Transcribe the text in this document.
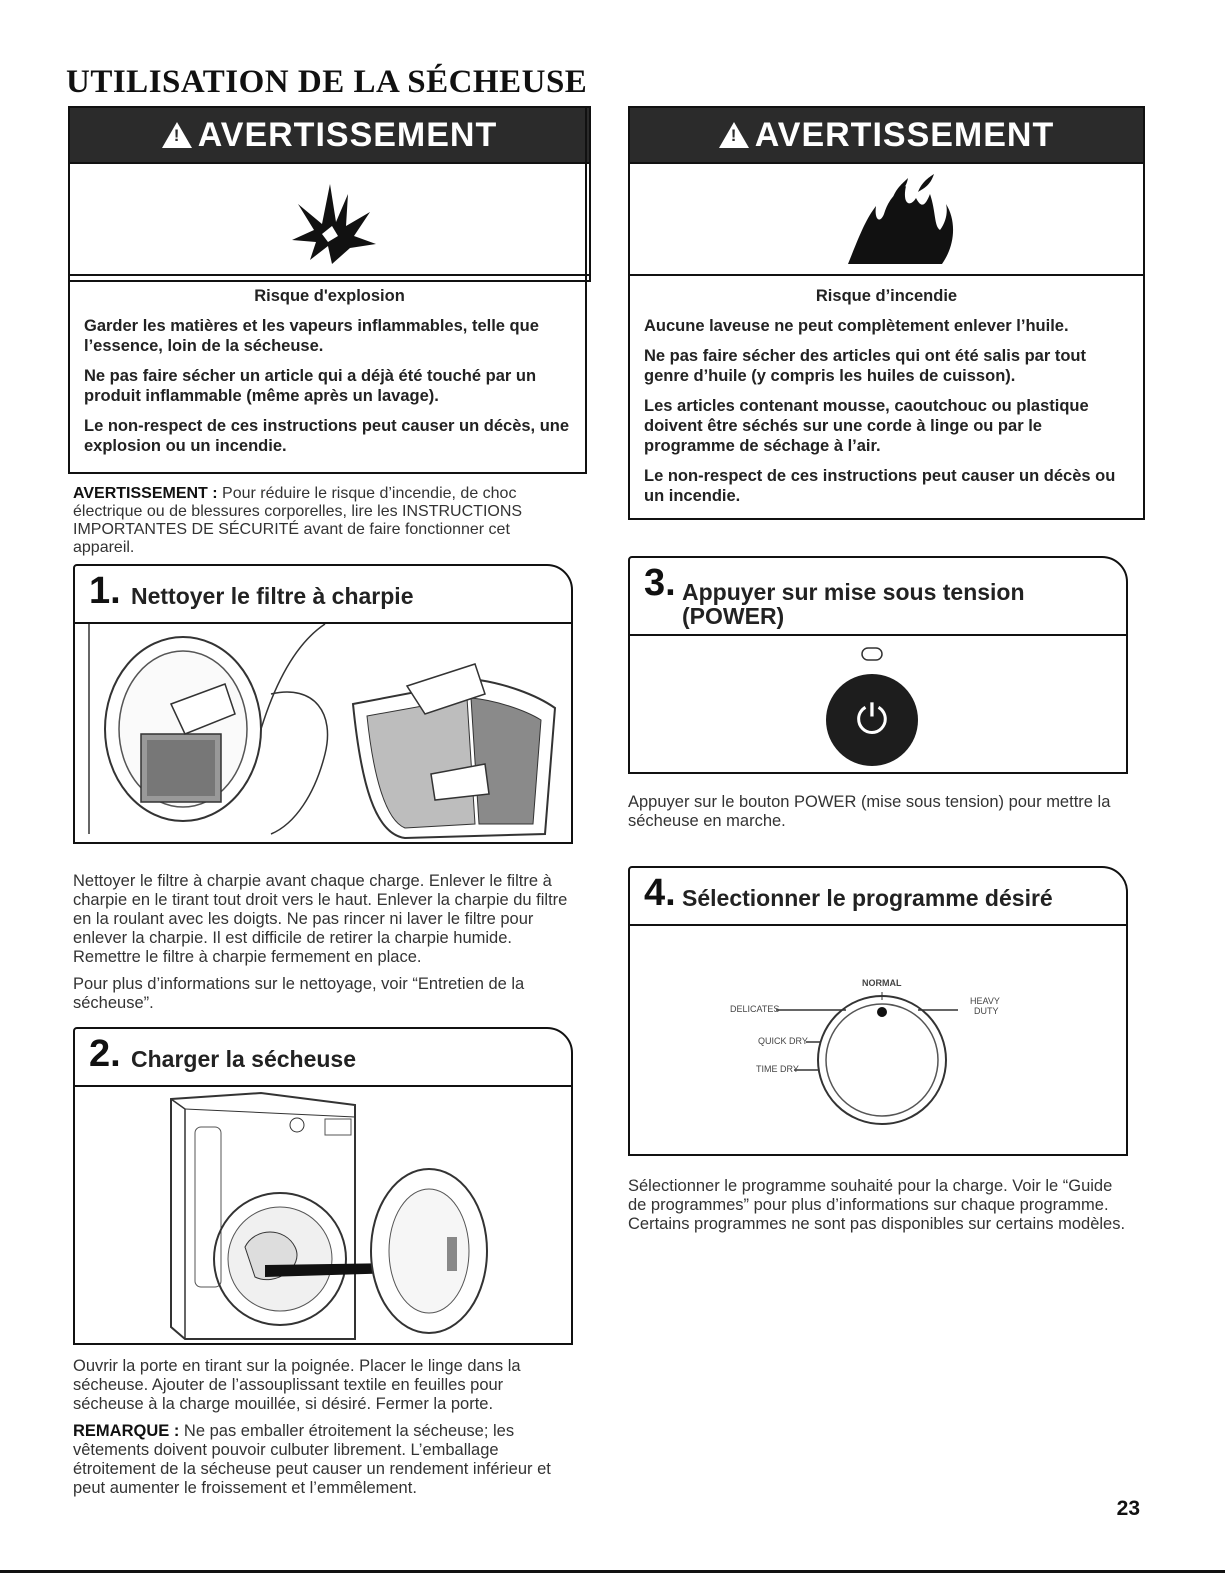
UTILISATION DE LA SÉCHEUSE
!AVERTISSEMENT
Risque d'explosion

Garder les matières et les vapeurs inflammables, telle que l’essence, loin de la sécheuse.

Ne pas faire sécher un article qui a déjà été touché par un produit inflammable (même après un lavage).

Le non-respect de ces instructions peut causer un décès, une explosion ou un incendie.

AVERTISSEMENT : Pour réduire le risque d’incendie, de choc électrique ou de blessures corporelles, lire les INSTRUCTIONS IMPORTANTES DE SÉCURITÉ avant de faire fonctionner cet appareil.
!AVERTISSEMENT
Risque d’incendie

Aucune laveuse ne peut complètement enlever l’huile.

Ne pas faire sécher des articles qui ont été salis par tout genre d’huile (y compris les huiles de cuisson).

Les articles contenant mousse, caoutchouc ou plastique doivent être séchés sur une corde à linge ou par le programme de séchage à l’air.

Le non-respect de ces instructions peut causer un décès ou un incendie.

1. Nettoyer le filtre à charpie

Nettoyer le filtre à charpie avant chaque charge. Enlever le filtre à charpie en le tirant tout droit vers le haut. Enlever la charpie du filtre en la roulant avec les doigts. Ne pas rincer ni laver le filtre pour enlever la charpie. Il est difficile de retirer la charpie humide. Remettre le filtre à charpie fermement en place.

Pour plus d’informations sur le nettoyage, voir “Entretien de la sécheuse”.

2. Charger la sécheuse

Ouvrir la porte en tirant sur la poignée. Placer le linge dans la sécheuse. Ajouter de l’assouplissant textile en feuilles pour sécheuse à la charge mouillée, si désiré. Fermer la porte.

REMARQUE : Ne pas emballer étroitement la sécheuse; les vêtements doivent pouvoir culbuter librement. L’emballage étroitement de la sécheuse peut causer un rendement inférieur et peut aumenter le froissement et l’emmêlement.

3. Appuyer sur mise sous tension
(POWER)
⏻

Appuyer sur le bouton POWER (mise sous tension) pour mettre la sécheuse en marche.

4. Sélectionner le programme désiré
NORMAL
DELICATES
HEAVY
DUTY
QUICK DRY
TIME DRY

Sélectionner le programme souhaité pour la charge. Voir le “Guide de programmes” pour plus d’informations sur chaque programme. Certains programmes ne sont pas disponibles sur certains modèles.

23
